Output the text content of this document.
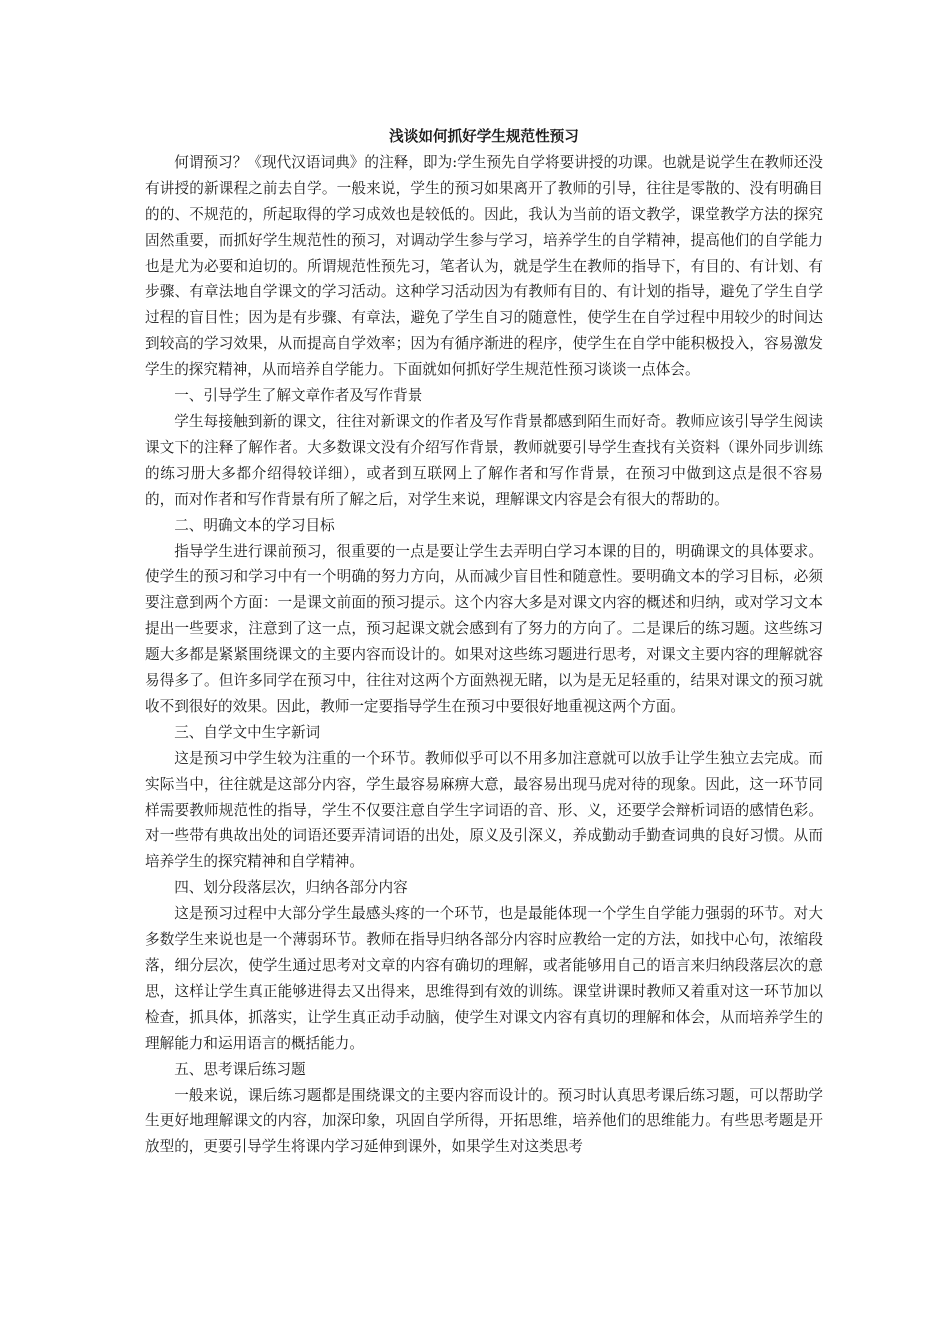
浅谈如何抓好学生规范性预习

何谓预习？《现代汉语词典》的注释，即为:学生预先自学将要讲授的功课。也就是说学生在教师还没有讲授的新课程之前去自学。一般来说，学生的预习如果离开了教师的引导，往往是零散的、没有明确目的的、不规范的，所起取得的学习成效也是较低的。因此，我认为当前的语文教学，课堂教学方法的探究固然重要，而抓好学生规范性的预习，对调动学生参与学习，培养学生的自学精神，提高他们的自学能力也是尤为必要和迫切的。所谓规范性预先习，笔者认为，就是学生在教师的指导下，有目的、有计划、有步骤、有章法地自学课文的学习活动。这种学习活动因为有教师有目的、有计划的指导，避免了学生自学过程的盲目性；因为是有步骤、有章法，避免了学生自习的随意性，使学生在自学过程中用较少的时间达到较高的学习效果，从而提高自学效率；因为有循序渐进的程序，使学生在自学中能积极投入，容易激发学生的探究精神，从而培养自学能力。下面就如何抓好学生规范性预习谈谈一点体会。

一、引导学生了解文章作者及写作背景

学生每接触到新的课文，往往对新课文的作者及写作背景都感到陌生而好奇。教师应该引导学生阅读课文下的注释了解作者。大多数课文没有介绍写作背景，教师就要引导学生查找有关资料（课外同步训练的练习册大多都介绍得较详细），或者到互联网上了解作者和写作背景，在预习中做到这点是很不容易的，而对作者和写作背景有所了解之后，对学生来说，理解课文内容是会有很大的帮助的。

二、明确文本的学习目标

指导学生进行课前预习，很重要的一点是要让学生去弄明白学习本课的目的，明确课文的具体要求。使学生的预习和学习中有一个明确的努力方向，从而减少盲目性和随意性。要明确文本的学习目标，必须要注意到两个方面：一是课文前面的预习提示。这个内容大多是对课文内容的概述和归纳，或对学习文本提出一些要求，注意到了这一点，预习起课文就会感到有了努力的方向了。二是课后的练习题。这些练习题大多都是紧紧围绕课文的主要内容而设计的。如果对这些练习题进行思考，对课文主要内容的理解就容易得多了。但许多同学在预习中，往往对这两个方面熟视无睹，以为是无足轻重的，结果对课文的预习就收不到很好的效果。因此，教师一定要指导学生在预习中要很好地重视这两个方面。

三、自学文中生字新词

这是预习中学生较为注重的一个环节。教师似乎可以不用多加注意就可以放手让学生独立去完成。而实际当中，往往就是这部分内容，学生最容易麻痹大意，最容易出现马虎对待的现象。因此，这一环节同样需要教师规范性的指导，学生不仅要注意自学生字词语的音、形、义，还要学会辩析词语的感情色彩。对一些带有典故出处的词语还要弄清词语的出处，原义及引深义，养成勤动手勤查词典的良好习惯。从而培养学生的探究精神和自学精神。

四、划分段落层次，归纳各部分内容

这是预习过程中大部分学生最感头疼的一个环节，也是最能体现一个学生自学能力强弱的环节。对大多数学生来说也是一个薄弱环节。教师在指导归纳各部分内容时应教给一定的方法，如找中心句，浓缩段落，细分层次，使学生通过思考对文章的内容有确切的理解，或者能够用自己的语言来归纳段落层次的意思，这样让学生真正能够进得去又出得来，思维得到有效的训练。课堂讲课时教师又着重对这一环节加以检查，抓具体，抓落实，让学生真正动手动脑，使学生对课文内容有真切的理解和体会，从而培养学生的理解能力和运用语言的概括能力。

五、思考课后练习题

一般来说，课后练习题都是围绕课文的主要内容而设计的。预习时认真思考课后练习题，可以帮助学生更好地理解课文的内容，加深印象，巩固自学所得，开拓思维，培养他们的思维能力。有些思考题是开放型的，更要引导学生将课内学习延伸到课外，如果学生对这类思考
